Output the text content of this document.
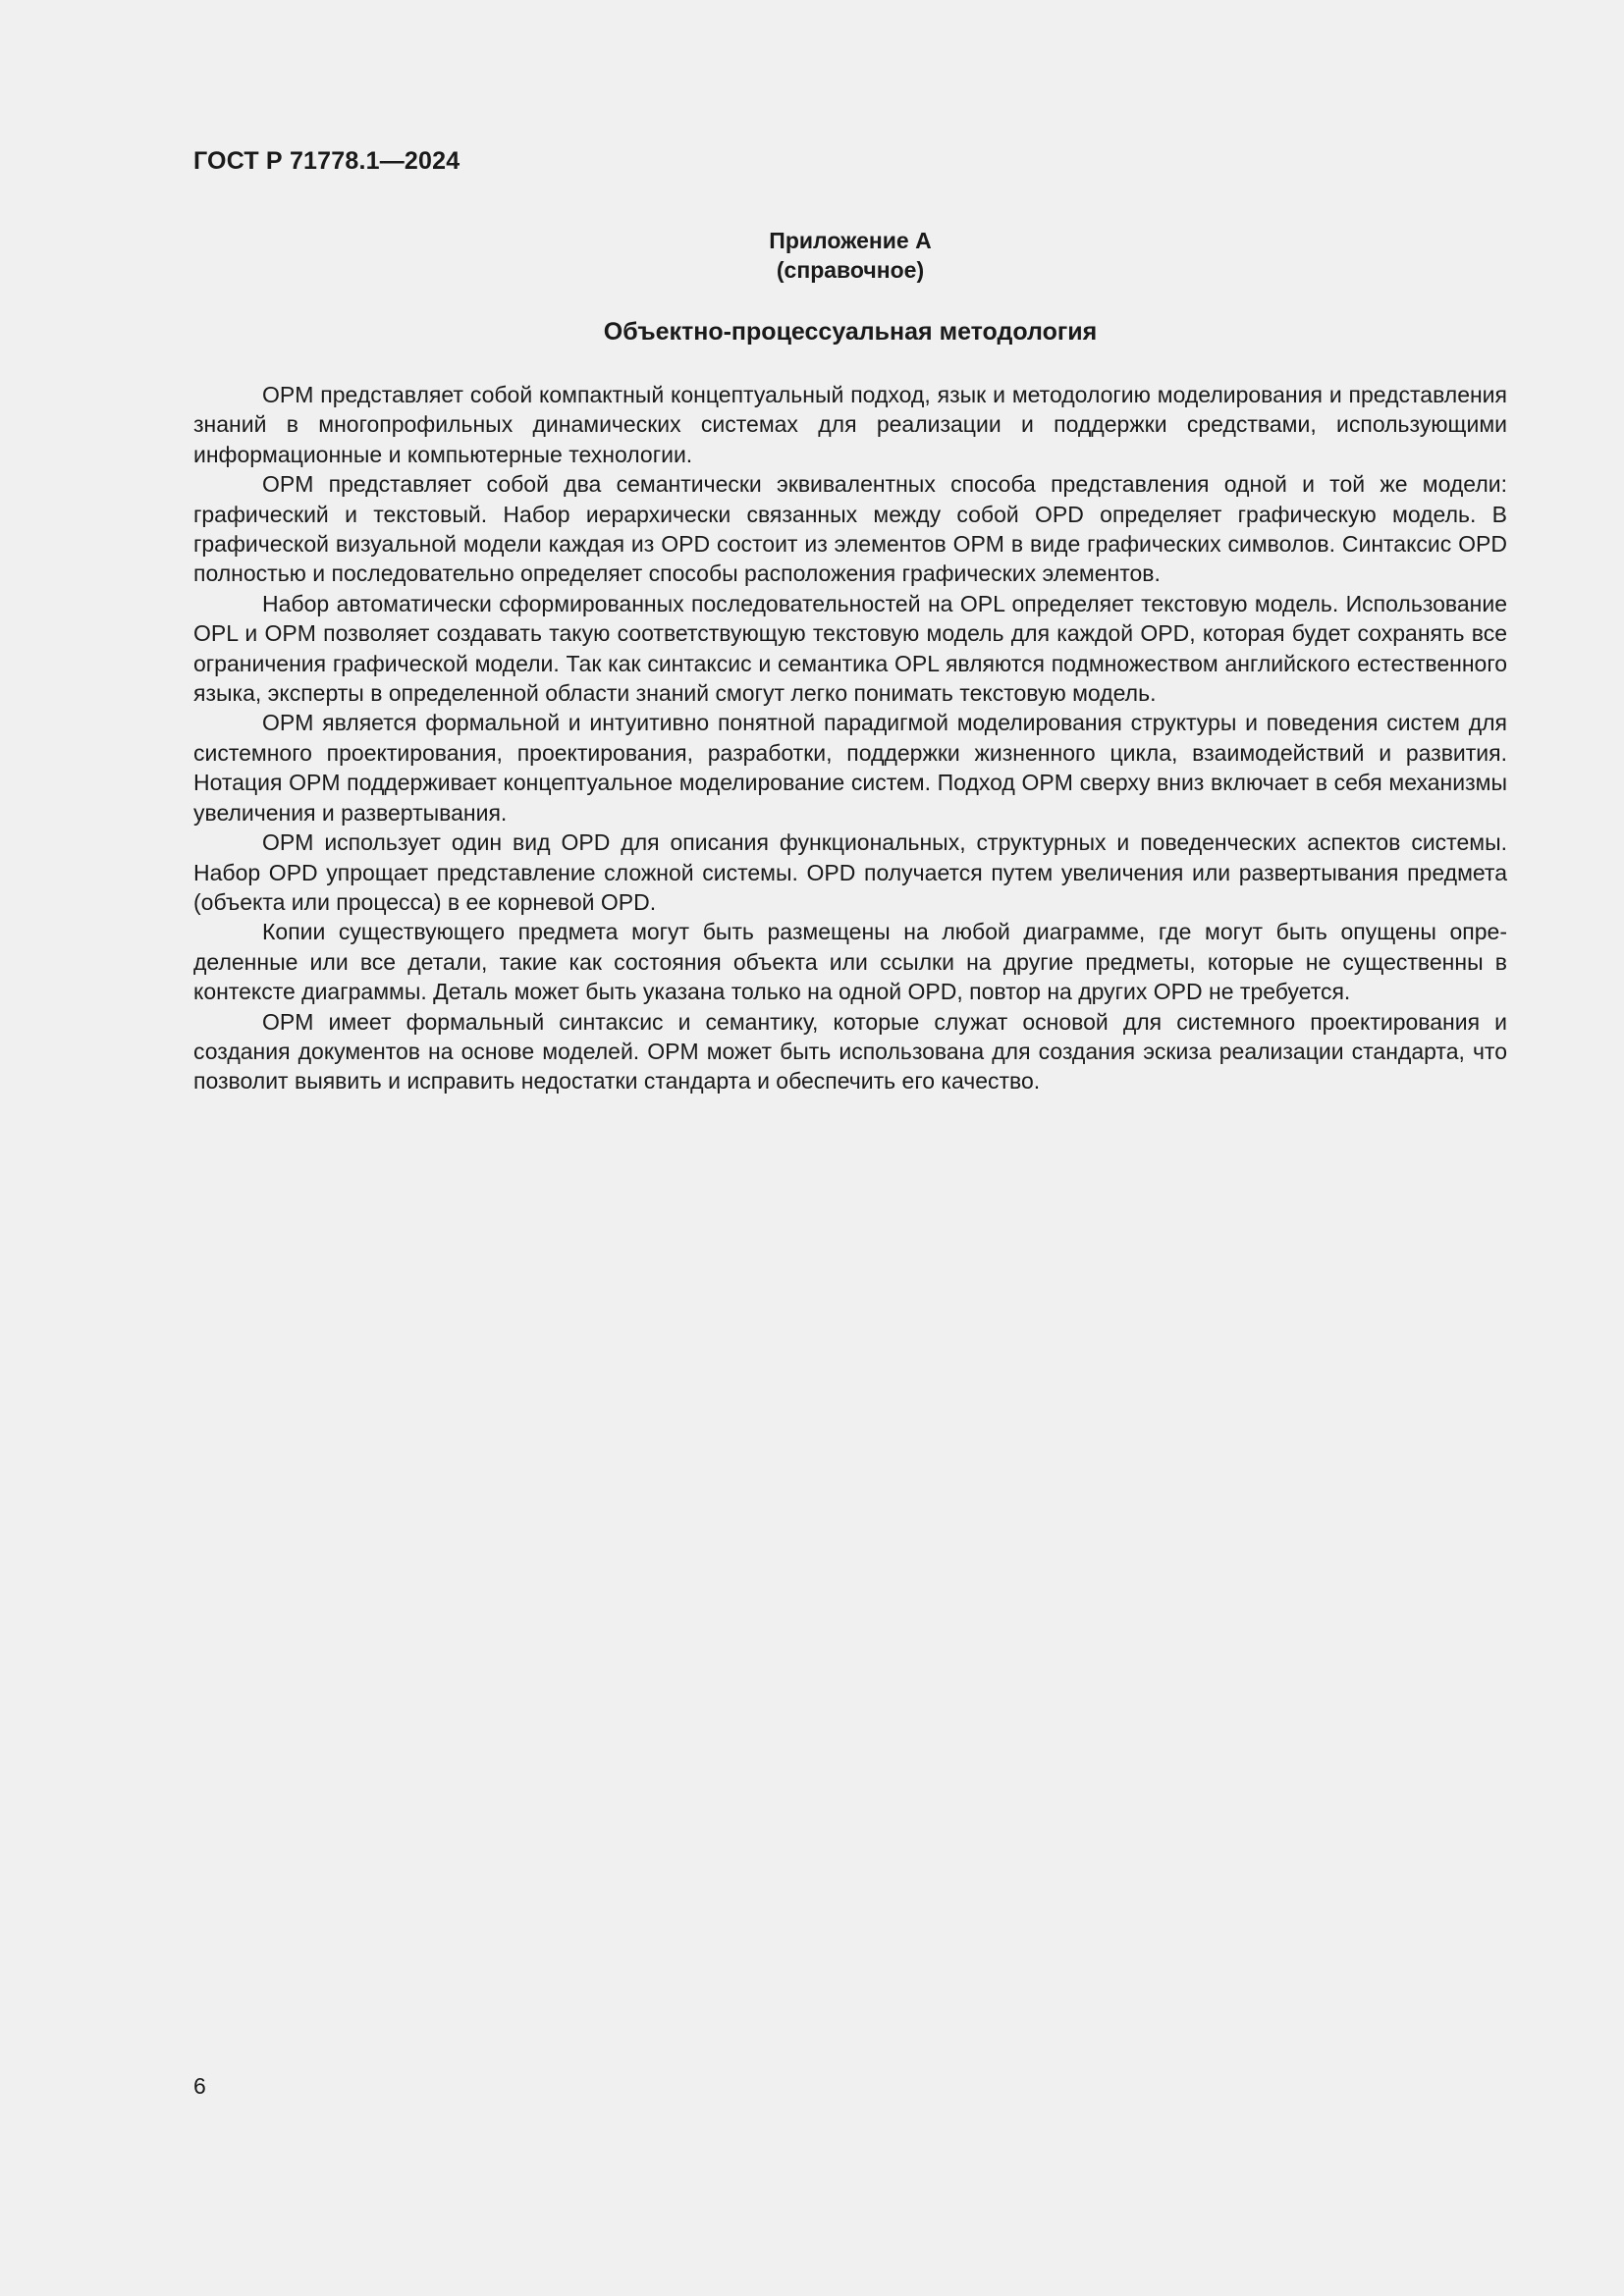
ГОСТ Р 71778.1—2024
Приложение А
(справочное)
Объектно-процессуальная методология

OPM представляет собой компактный концептуальный подход, язык и методологию моделирования и представления знаний в многопрофильных динамических системах для реализации и поддержки средствами, использующими информационные и компьютерные технологии.

OPM представляет собой два семантически эквивалентных способа представления одной и той же модели: графический и текстовый. Набор иерархически связанных между собой OPD определяет графическую модель. В графической визуальной модели каждая из OPD состоит из элементов OPM в виде графических символов. Синтаксис OPD полностью и последовательно определяет способы расположения графических элементов.

Набор автоматически сформированных последовательностей на OPL определяет текстовую модель. Использование OPL и OPM позволяет создавать такую соответствующую текстовую модель для каждой OPD, которая будет сохранять все ограничения графической модели. Так как синтаксис и семантика OPL являются подмножеством английского естественного языка, эксперты в определенной области знаний смогут легко понимать текстовую модель.

OPM является формальной и интуитивно понятной парадигмой моделирования структуры и поведения систем для системного проектирования, проектирования, разработки, поддержки жизненного цикла, взаимодействий и развития. Нотация OPM поддерживает концептуальное моделирование систем. Подход OPM сверху вниз включает в себя механизмы увеличения и развертывания.

OPM использует один вид OPD для описания функциональных, структурных и поведенческих аспектов системы. Набор OPD упрощает представление сложной системы. OPD получается путем увеличения или развертывания предмета (объекта или процесса) в ее корневой OPD.

Копии существующего предмета могут быть размещены на любой диаграмме, где могут быть опущены определенные или все детали, такие как состояния объекта или ссылки на другие предметы, которые не существенны в контексте диаграммы. Деталь может быть указана только на одной OPD, повтор на других OPD не требуется.

OPM имеет формальный синтаксис и семантику, которые служат основой для системного проектирования и создания документов на основе моделей. OPM может быть использована для создания эскиза реализации стандарта, что позволит выявить и исправить недостатки стандарта и обеспечить его качество.

6
